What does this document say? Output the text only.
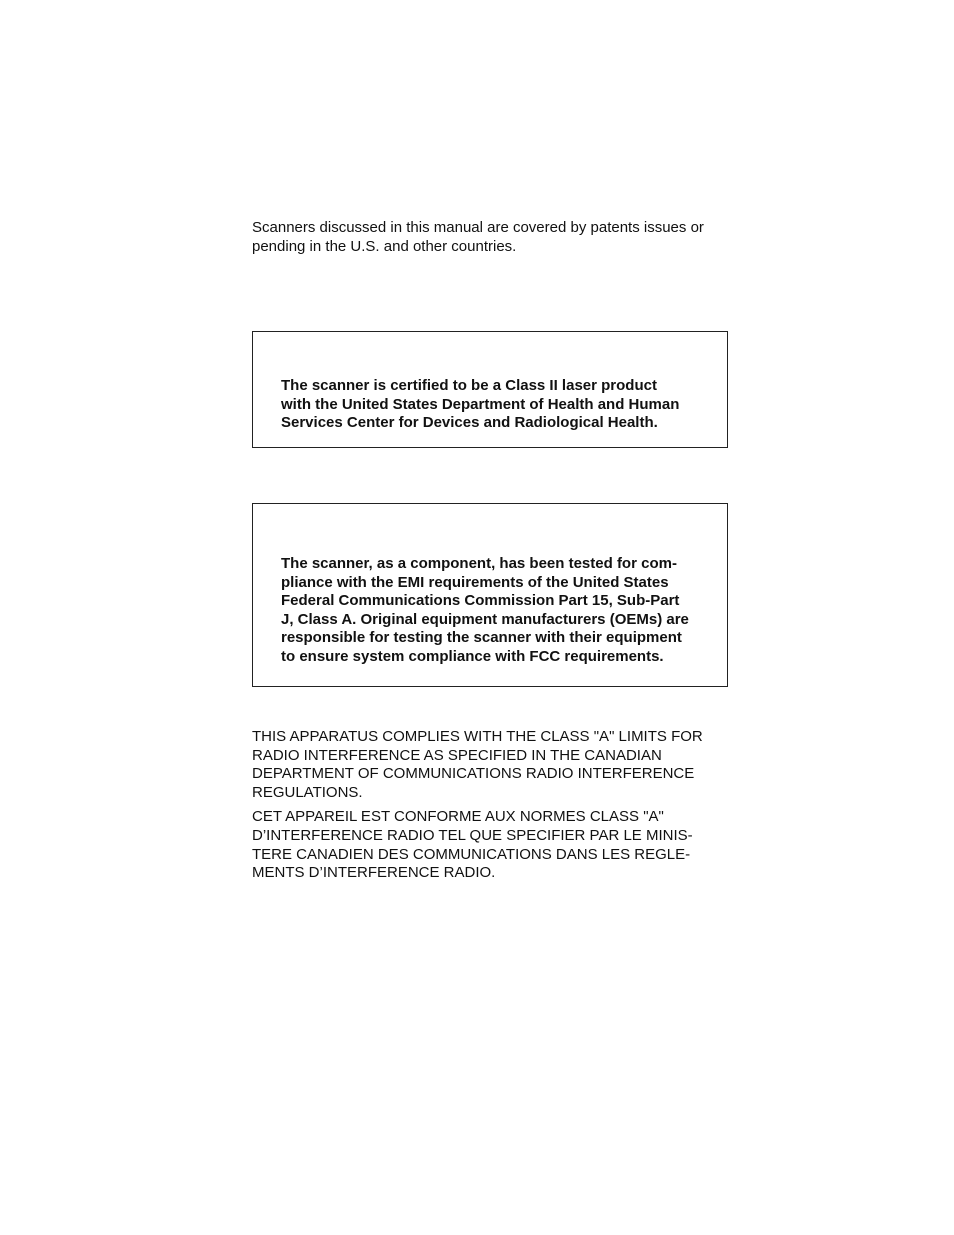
Scanners discussed in this manual are covered by patents issues or
pending in the U.S. and other countries.

The scanner is certified to be a Class II laser product
with the United States Department of Health and Human
Services Center for Devices and Radiological Health.

The scanner, as a component, has been tested for com-
pliance with the EMI requirements of the United States
Federal Communications Commission Part 15, Sub-Part
J, Class A. Original equipment manufacturers (OEMs) are
responsible for testing the scanner with their equipment
to ensure system compliance with FCC requirements.

THIS APPARATUS COMPLIES WITH THE CLASS "A" LIMITS FOR
RADIO INTERFERENCE AS SPECIFIED IN THE CANADIAN
DEPARTMENT OF COMMUNICATIONS RADIO INTERFERENCE
REGULATIONS.

CET APPAREIL EST CONFORME AUX NORMES CLASS "A"
D’INTERFERENCE RADIO TEL QUE SPECIFIER PAR LE MINIS-
TERE CANADIEN DES COMMUNICATIONS DANS LES REGLE-
MENTS D’INTERFERENCE RADIO.
